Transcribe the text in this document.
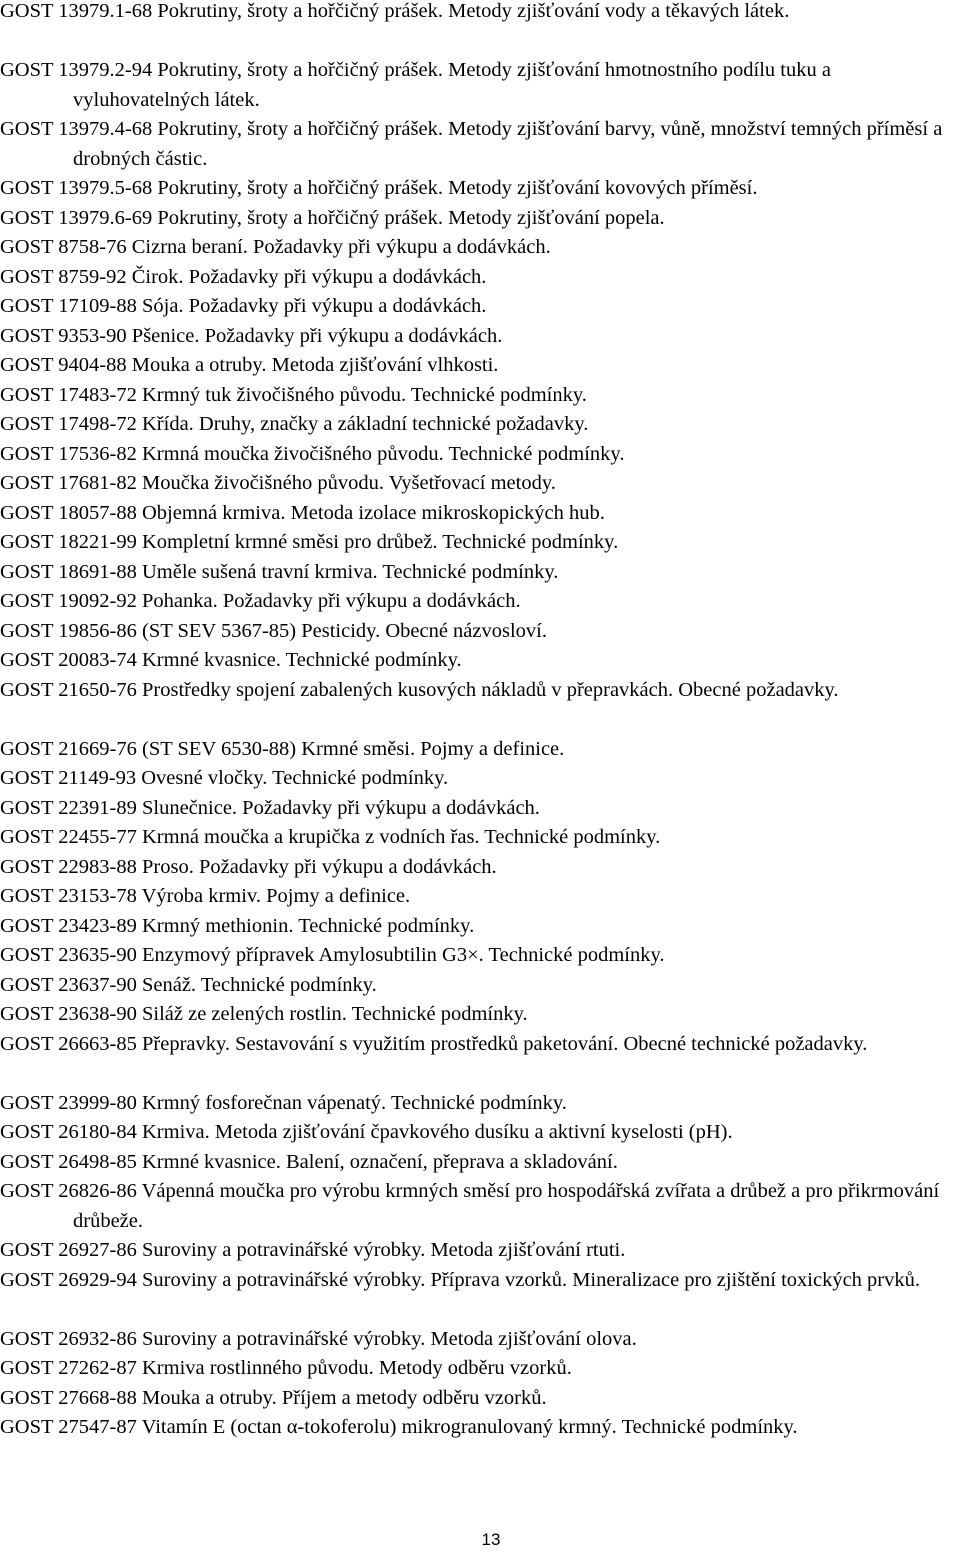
GOST 13979.1-68 Pokrutiny, šroty a hořčičný prášek. Metody zjišťování vody a těkavých látek.
GOST 13979.2-94 Pokrutiny, šroty a hořčičný prášek. Metody zjišťování hmotnostního podílu tuku a vyluhovatelných látek.
GOST 13979.4-68 Pokrutiny, šroty a hořčičný prášek. Metody zjišťování barvy, vůně, množství temných příměsí a drobných částic.
GOST 13979.5-68 Pokrutiny, šroty a hořčičný prášek. Metody zjišťování kovových příměsí.
GOST 13979.6-69 Pokrutiny, šroty a hořčičný prášek. Metody zjišťování popela.
GOST 8758-76 Cizrna beraní. Požadavky při výkupu a dodávkách.
GOST 8759-92 Čirok. Požadavky při výkupu a dodávkách.
GOST 17109-88 Sója. Požadavky při výkupu a dodávkách.
GOST 9353-90 Pšenice. Požadavky při výkupu a dodávkách.
GOST 9404-88 Mouka a otruby. Metoda zjišťování vlhkosti.
GOST 17483-72 Krmný tuk živočišného původu. Technické podmínky.
GOST 17498-72 Křída. Druhy, značky a základní technické požadavky.
GOST 17536-82 Krmná moučka živočišného původu. Technické podmínky.
GOST 17681-82 Moučka živočišného původu. Vyšetřovací metody.
GOST 18057-88 Objemná krmiva. Metoda izolace mikroskopických hub.
GOST 18221-99 Kompletní krmné směsi pro drůbež. Technické podmínky.
GOST 18691-88 Uměle sušená travní krmiva. Technické podmínky.
GOST 19092-92 Pohanka. Požadavky při výkupu a dodávkách.
GOST 19856-86 (ST SEV 5367-85) Pesticidy. Obecné názvosloví.
GOST 20083-74 Krmné kvasnice. Technické podmínky.
GOST 21650-76 Prostředky spojení zabalených kusových nákladů v přepravkách. Obecné požadavky.
GOST 21669-76 (ST SEV 6530-88) Krmné směsi. Pojmy a definice.
GOST 21149-93 Ovesné vločky. Technické podmínky.
GOST 22391-89 Slunečnice. Požadavky při výkupu a dodávkách.
GOST 22455-77 Krmná moučka a krupička z vodních řas. Technické podmínky.
GOST 22983-88 Proso. Požadavky při výkupu a dodávkách.
GOST 23153-78 Výroba krmiv. Pojmy a definice.
GOST 23423-89 Krmný methionin. Technické podmínky.
GOST 23635-90 Enzymový přípravek Amylosubtilin G3×. Technické podmínky.
GOST 23637-90 Senáž. Technické podmínky.
GOST 23638-90 Siláž ze zelených rostlin. Technické podmínky.
GOST 26663-85 Přepravky. Sestavování s využitím prostředků paketování. Obecné technické požadavky.
GOST 23999-80 Krmný fosforečnan vápenatý. Technické podmínky.
GOST 26180-84 Krmiva. Metoda zjišťování čpavkového dusíku a aktivní kyselosti (pH).
GOST 26498-85 Krmné kvasnice. Balení, označení, přeprava a skladování.
GOST 26826-86 Vápenná moučka pro výrobu krmných směsí pro hospodářská zvířata a drůbež a pro přikrmování drůbeže.
GOST 26927-86 Suroviny a potravinářské výrobky. Metoda zjišťování rtuti.
GOST 26929-94 Suroviny a potravinářské výrobky. Příprava vzorků. Mineralizace pro zjištění toxických prvků.
GOST 26932-86 Suroviny a potravinářské výrobky. Metoda zjišťování olova.
GOST 27262-87 Krmiva rostlinného původu. Metody odběru vzorků.
GOST 27668-88 Mouka a otruby. Příjem a metody odběru vzorků.
GOST 27547-87 Vitamín E (octan α-tokoferolu) mikrogranulovaný krmný. Technické podmínky.
13
